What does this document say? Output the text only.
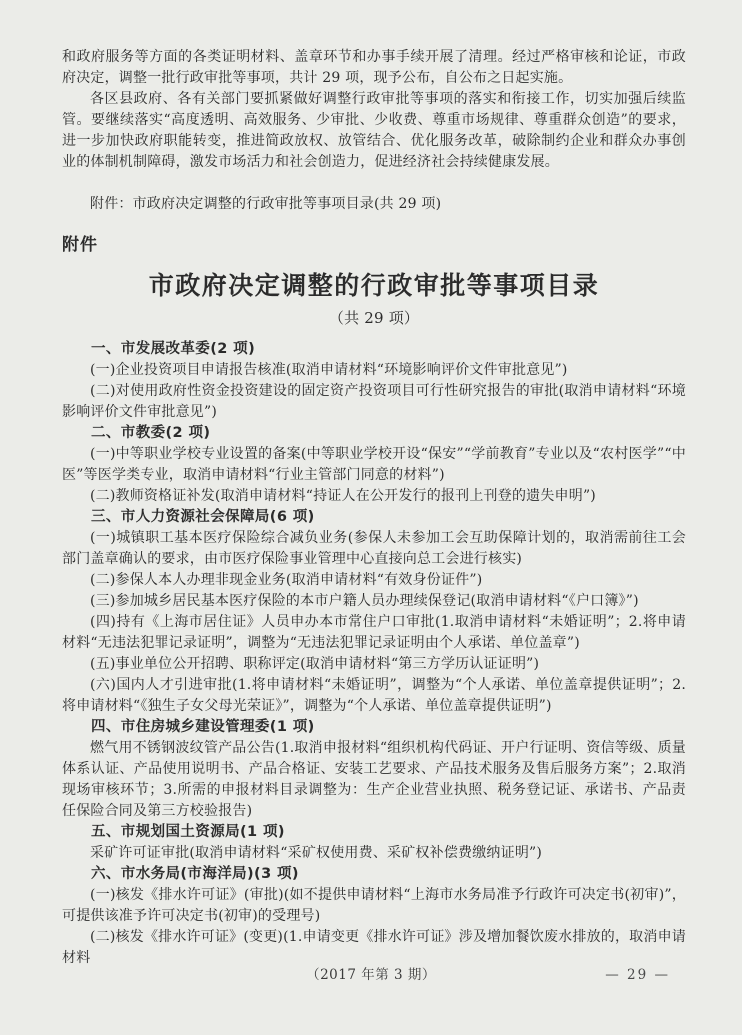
和政府服务等方面的各类证明材料、盖章环节和办事手续开展了清理。经过严格审核和论证，市政府决定，调整一批行政审批等事项，共计 29 项，现予公布，自公布之日起实施。

各区县政府、各有关部门要抓紧做好调整行政审批等事项的落实和衔接工作，切实加强后续监管。要继续落实“高度透明、高效服务、少审批、少收费、尊重市场规律、尊重群众创造”的要求，进一步加快政府职能转变，推进简政放权、放管结合、优化服务改革，破除制约企业和群众办事创业的体制机制障碍，激发市场活力和社会创造力，促进经济社会持续健康发展。

附件：市政府决定调整的行政审批等事项目录(共 29 项)

附件

市政府决定调整的行政审批等事项目录

（共 29 项）

一、市发展改革委(2 项)

(一)企业投资项目申请报告核准(取消申请材料“环境影响评价文件审批意见”)

(二)对使用政府性资金投资建设的固定资产投资项目可行性研究报告的审批(取消申请材料“环境影响评价文件审批意见”)

二、市教委(2 项)

(一)中等职业学校专业设置的备案(中等职业学校开设“保安”“学前教育”专业以及“农村医学”“中医”等医学类专业，取消申请材料“行业主管部门同意的材料”)

(二)教师资格证补发(取消申请材料“持证人在公开发行的报刊上刊登的遗失申明”)

三、市人力资源社会保障局(6 项)

(一)城镇职工基本医疗保险综合减负业务(参保人未参加工会互助保障计划的，取消需前往工会部门盖章确认的要求，由市医疗保险事业管理中心直接向总工会进行核实)

(二)参保人本人办理非现金业务(取消申请材料“有效身份证件”)

(三)参加城乡居民基本医疗保险的本市户籍人员办理续保登记(取消申请材料“《户口簿》”)

(四)持有《上海市居住证》人员申办本市常住户口审批(1.取消申请材料“未婚证明”；2.将申请材料“无违法犯罪记录证明”，调整为“无违法犯罪记录证明由个人承诺、单位盖章”)

(五)事业单位公开招聘、职称评定(取消申请材料“第三方学历认证证明”)

(六)国内人才引进审批(1.将申请材料“未婚证明”，调整为“个人承诺、单位盖章提供证明”；2.将申请材料“《独生子女父母光荣证》”，调整为“个人承诺、单位盖章提供证明”)

四、市住房城乡建设管理委(1 项)

燃气用不锈钢波纹管产品公告(1.取消申报材料“组织机构代码证、开户行证明、资信等级、质量体系认证、产品使用说明书、产品合格证、安装工艺要求、产品技术服务及售后服务方案”；2.取消现场审核环节；3.所需的申报材料目录调整为：生产企业营业执照、税务登记证、承诺书、产品责任保险合同及第三方校验报告)

五、市规划国土资源局(1 项)

采矿许可证审批(取消申请材料“采矿权使用费、采矿权补偿费缴纳证明”)

六、市水务局(市海洋局)(3 项)

(一)核发《排水许可证》(审批)(如不提供申请材料“上海市水务局准予行政许可决定书(初审)”，可提供该准予许可决定书(初审)的受理号)

(二)核发《排水许可证》(变更)(1.申请变更《排水许可证》涉及增加餐饮废水排放的，取消申请材料

（2017 年第 3 期）	— 29 —
